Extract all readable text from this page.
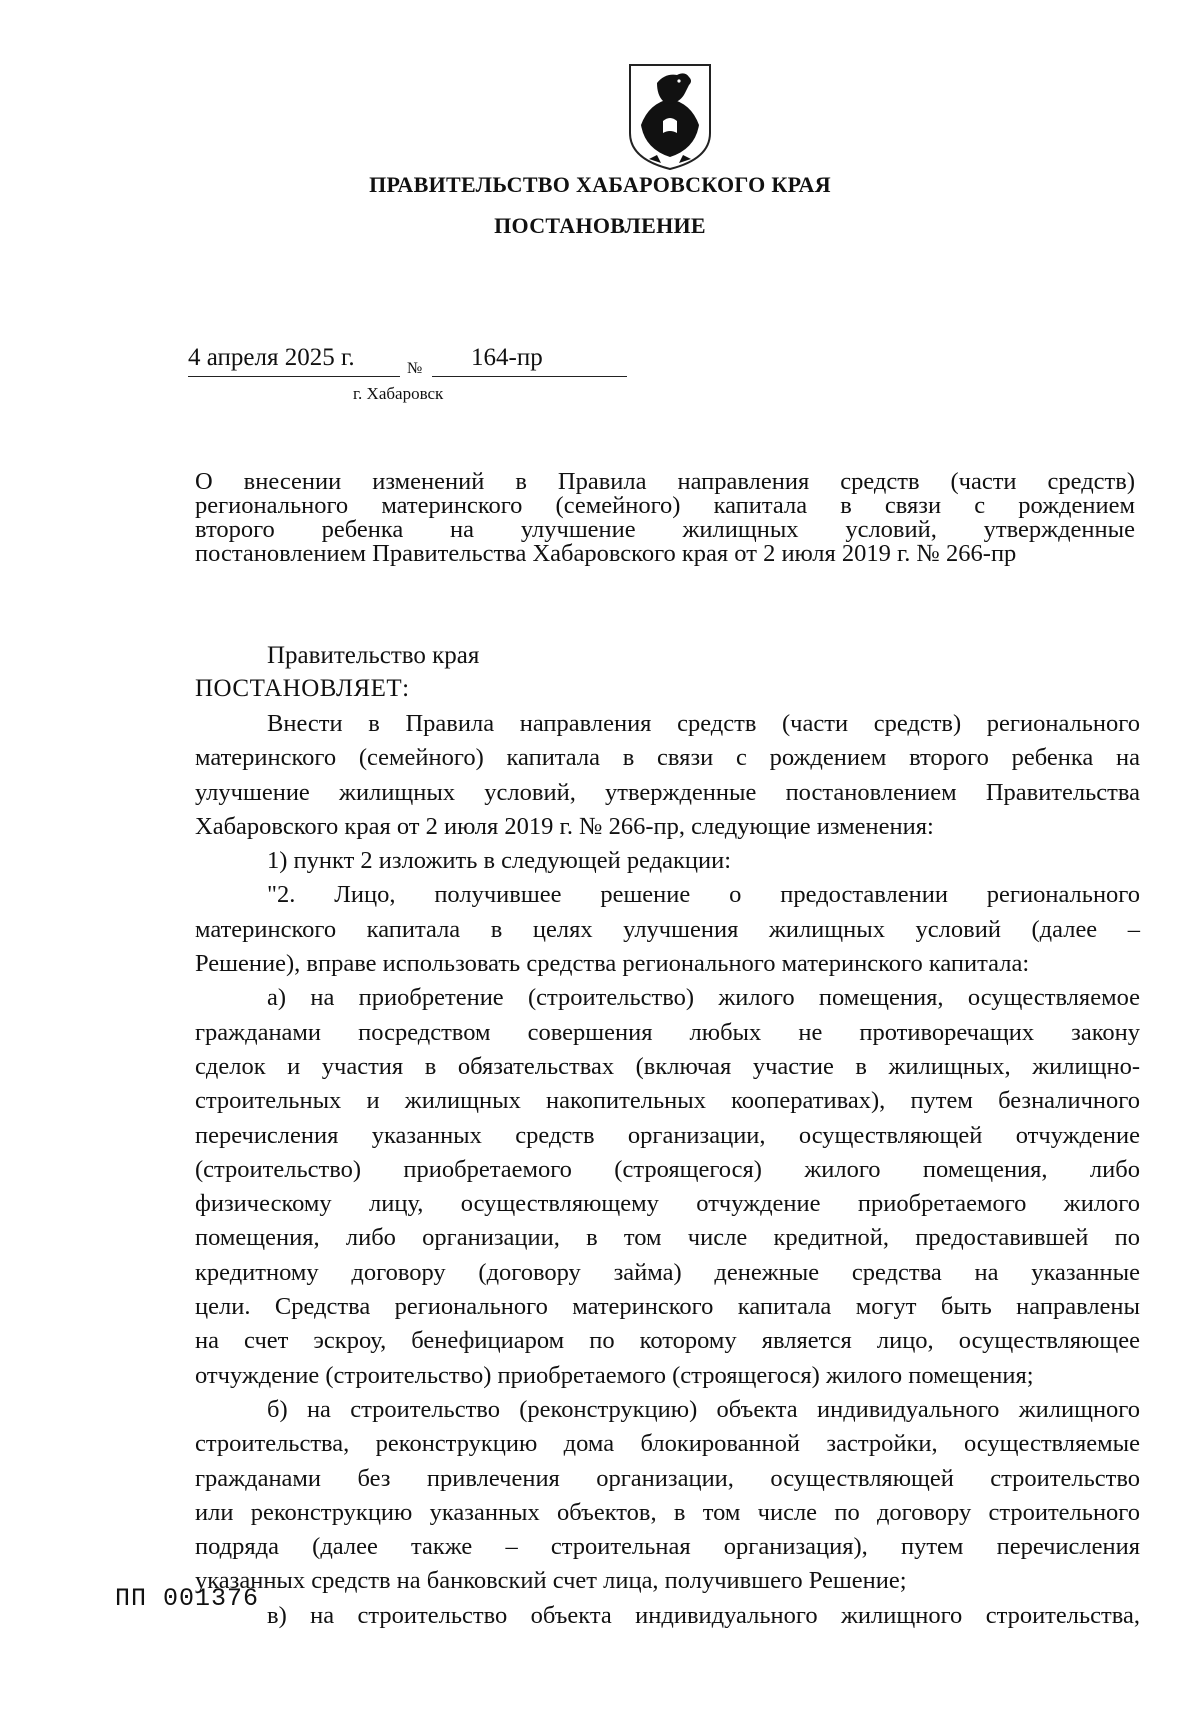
ПРАВИТЕЛЬСТВО ХАБАРОВСКОГО КРАЯ
ПОСТАНОВЛЕНИЕ
4 апреля 2025 г.	№ 164-пр
г. Хабаровск
О внесении изменений в Правила направления средств (части средств)
регионального материнского (семейного) капитала в связи с рождением
второго ребенка на улучшение жилищных условий, утвержденные
постановлением Правительства Хабаровского края от 2 июля 2019 г. № 266-пр
Правительство края
ПОСТАНОВЛЯЕТ:
Внести в Правила направления средств (части средств) регионального
материнского (семейного) капитала в связи с рождением второго ребенка на
улучшение жилищных условий, утвержденные постановлением Правительства
Хабаровского края от 2 июля 2019 г. № 266-пр, следующие изменения:
1) пункт 2 изложить в следующей редакции:
"2. Лицо, получившее решение о предоставлении регионального
материнского капитала в целях улучшения жилищных условий (далее –
Решение), вправе использовать средства регионального материнского капитала:
а) на приобретение (строительство) жилого помещения, осуществляемое
гражданами посредством совершения любых не противоречащих закону
сделок и участия в обязательствах (включая участие в жилищных, жилищно-
строительных и жилищных накопительных кооперативах), путем безналичного
перечисления указанных средств организации, осуществляющей отчуждение
(строительство) приобретаемого (строящегося) жилого помещения, либо
физическому лицу, осуществляющему отчуждение приобретаемого жилого
помещения, либо организации, в том числе кредитной, предоставившей по
кредитному договору (договору займа) денежные средства на указанные
цели. Средства регионального материнского капитала могут быть направлены
на счет эскроу, бенефициаром по которому является лицо, осуществляющее
отчуждение (строительство) приобретаемого (строящегося) жилого помещения;
б) на строительство (реконструкцию) объекта индивидуального жилищного
строительства, реконструкцию дома блокированной застройки, осуществляемые
гражданами без привлечения организации, осуществляющей строительство
или реконструкцию указанных объектов, в том числе по договору строительного
подряда (далее также – строительная организация), путем перечисления
указанных средств на банковский счет лица, получившего Решение;
в) на строительство объекта индивидуального жилищного строительства,
ПП 001376
